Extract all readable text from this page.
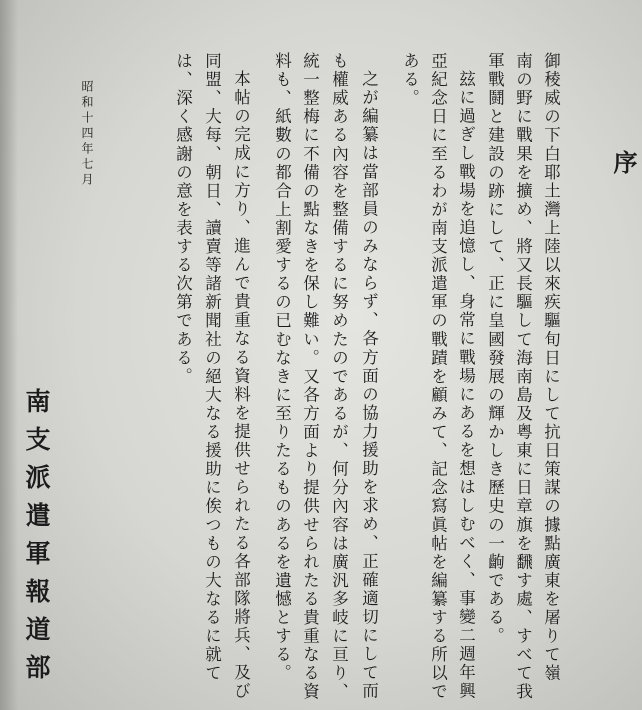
序
御稜威の下白耶土灣上陸以來疾驅旬日にして抗日策謀の據點廣東を屠りて嶺
南の野に戰果を擴め、將又長驅して海南島及粤東に日章旗を飜す處、すべて我
軍戰鬪と建設の跡にして、正に皇國發展の輝かしき歷史の一齣である。
玆に過ぎし戰場を追憶し、身常に戰場にあるを想はしむべく、事變二週年興
亞紀念日に至るわが南支派遣軍の戰蹟を顧みて、記念寫眞帖を編纂する所以で
ある。
之が編纂は當部員のみならず、各方面の協力援助を求め、正確適切にして而
も權威ある內容を整備するに努めたのであるが、何分內容は廣汎多岐に亘り、
統一整梅に不備の點なきを保し難い。又各方面より提供せられたる貴重なる資
料も、紙數の都合上割愛するの已むなきに至りたるものあるを遺憾とする。
本帖の完成に方り、進んで貴重なる資料を提供せられたる各部隊將兵、及び
同盟、大每、朝日、讀賣等諸新聞社の絕大なる援助に俟つもの大なるに就て
は、深く感謝の意を表する次第である。
昭和十四年七月
南支派遣軍報道部
